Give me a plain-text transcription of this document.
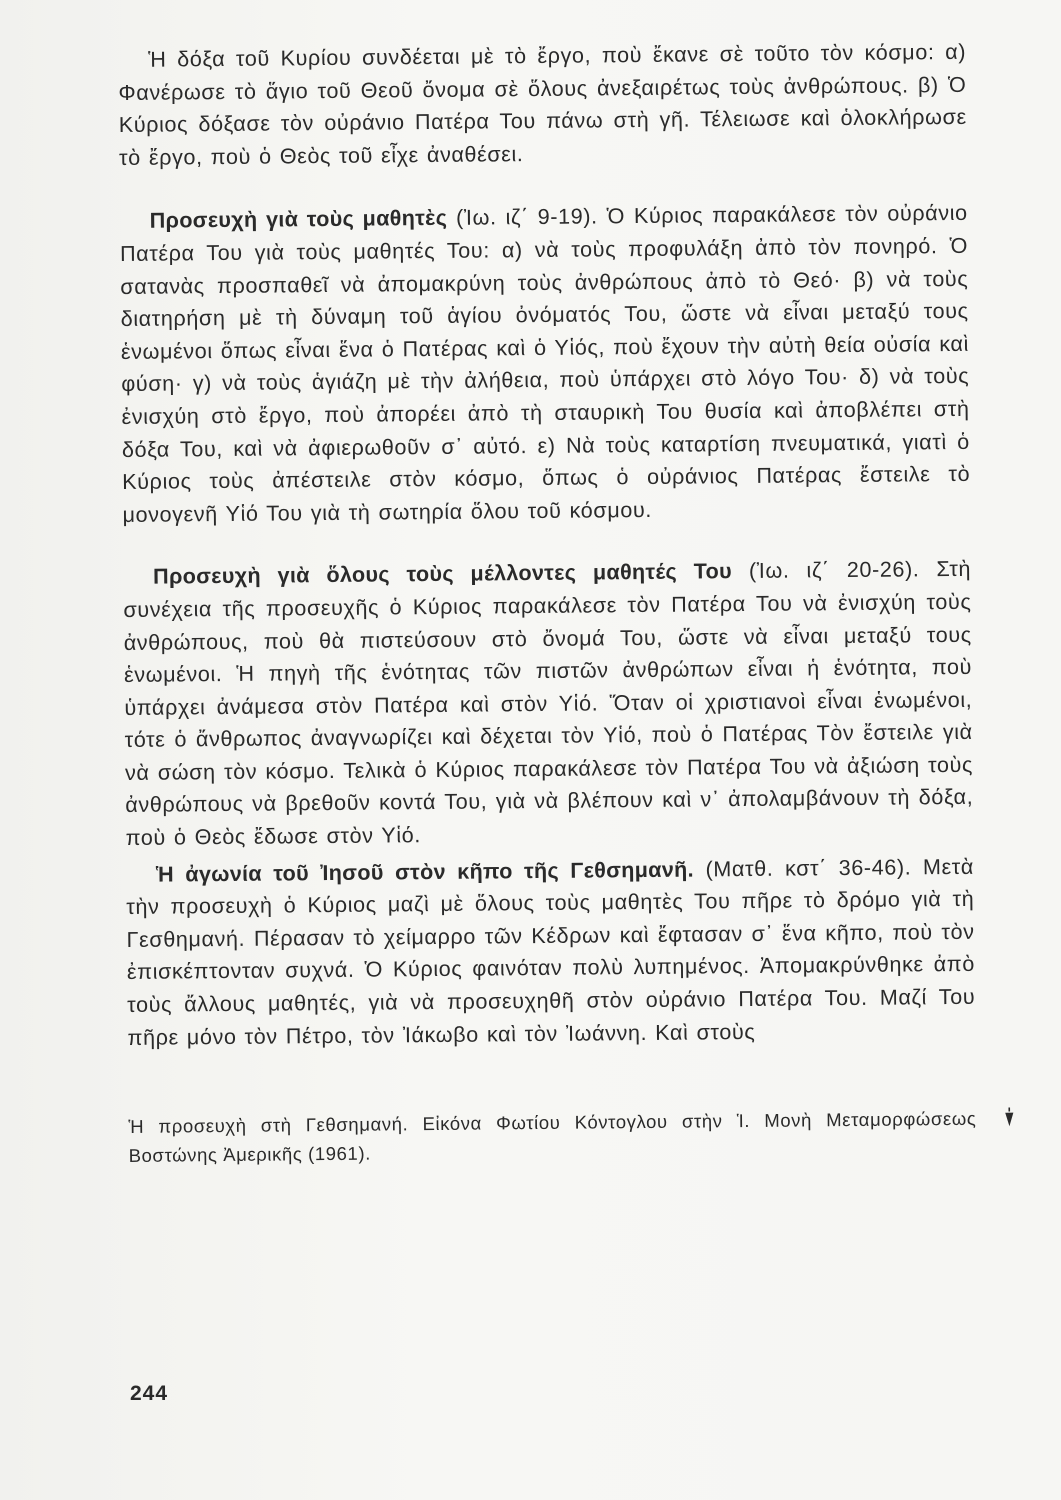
Ἡ δόξα τοῦ Κυρίου συνδέεται μὲ τὸ ἔργο, ποὺ ἔκανε σὲ τοῦτο τὸν κόσμο: α) Φανέρωσε τὸ ἅγιο τοῦ Θεοῦ ὄνομα σὲ ὅλους ἀνεξαιρέτως τοὺς ἀνθρώπους. β) Ὁ Κύριος δόξασε τὸν οὐράνιο Πατέρα Του πάνω στὴ γῆ. Τέλειωσε καὶ ὁλοκλήρωσε τὸ ἔργο, ποὺ ὁ Θεὸς τοῦ εἶχε ἀναθέσει.

Προσευχὴ γιὰ τοὺς μαθητὲς (Ἰω. ιζ΄ 9-19). Ὁ Κύριος παρακάλεσε τὸν οὐράνιο Πατέρα Του γιὰ τοὺς μαθητές Του: α) νὰ τοὺς προφυλάξη ἀπὸ τὸν πονηρό. Ὁ σατανὰς προσπαθεῖ νὰ ἀπομακρύνη τοὺς ἀνθρώπους ἀπὸ τὸ Θεό· β) νὰ τοὺς διατηρήση μὲ τὴ δύναμη τοῦ ἁγίου ὀνόματός Του, ὥστε νὰ εἶναι μεταξύ τους ἑνωμένοι ὅπως εἶναι ἕνα ὁ Πατέρας καὶ ὁ Υἱός, ποὺ ἔχουν τὴν αὐτὴ θεία οὐσία καὶ φύση· γ) νὰ τοὺς ἁγιάζη μὲ τὴν ἀλήθεια, ποὺ ὑπάρχει στὸ λόγο Του· δ) νὰ τοὺς ἐνισχύη στὸ ἔργο, ποὺ ἀπορέει ἀπὸ τὴ σταυρικὴ Του θυσία καὶ ἀποβλέπει στὴ δόξα Του, καὶ νὰ ἀφιερωθοῦν σ᾽ αὐτό. ε) Νὰ τοὺς καταρτίση πνευματικά, γιατὶ ὁ Κύριος τοὺς ἀπέστειλε στὸν κόσμο, ὅπως ὁ οὐράνιος Πατέρας ἔστειλε τὸ μονογενῆ Υἱό Του γιὰ τὴ σωτηρία ὅλου τοῦ κόσμου.

Προσευχὴ γιὰ ὅλους τοὺς μέλλοντες μαθητές Του (Ἰω. ιζ΄ 20-26). Στὴ συνέχεια τῆς προσευχῆς ὁ Κύριος παρακάλεσε τὸν Πατέρα Του νὰ ἐνισχύη τοὺς ἀνθρώπους, ποὺ θὰ πιστεύσουν στὸ ὄνομά Του, ὥστε νὰ εἶναι μεταξύ τους ἑνωμένοι. Ἡ πηγὴ τῆς ἑνότητας τῶν πιστῶν ἀνθρώπων εἶναι ἡ ἑνότητα, ποὺ ὑπάρχει ἀνάμεσα στὸν Πατέρα καὶ στὸν Υἱό. Ὅταν οἱ χριστιανοὶ εἶναι ἑνωμένοι, τότε ὁ ἄνθρωπος ἀναγνωρίζει καὶ δέχεται τὸν Υἱό, ποὺ ὁ Πατέρας Τὸν ἔστειλε γιὰ νὰ σώση τὸν κόσμο. Τελικὰ ὁ Κύριος παρακάλεσε τὸν Πατέρα Του νὰ ἀξιώση τοὺς ἀνθρώπους νὰ βρεθοῦν κοντά Του, γιὰ νὰ βλέπουν καὶ ν᾽ ἀπολαμβάνουν τὴ δόξα, ποὺ ὁ Θεὸς ἔδωσε στὸν Υἱό.

Ἡ ἀγωνία τοῦ Ἰησοῦ στὸν κῆπο τῆς Γεθσημανῆ. (Ματθ. κστ΄ 36-46). Μετὰ τὴν προσευχὴ ὁ Κύριος μαζὶ μὲ ὅλους τοὺς μαθητὲς Του πῆρε τὸ δρόμο γιὰ τὴ Γεσθημανή. Πέρασαν τὸ χείμαρρο τῶν Κέδρων καὶ ἔφτασαν σ᾽ ἕνα κῆπο, ποὺ τὸν ἐπισκέπτονταν συχνά. Ὁ Κύριος φαινόταν πολὺ λυπημένος. Ἀπομακρύνθηκε ἀπὸ τοὺς ἄλλους μαθητές, γιὰ νὰ προσευχηθῆ στὸν οὐράνιο Πατέρα Του. Μαζί Του πῆρε μόνο τὸν Πέτρο, τὸν Ἰάκωβο καὶ τὸν Ἰωάννη. Καὶ στοὺς

Ἡ προσευχὴ στὴ Γεθσημανή. Εἰκόνα Φωτίου Κόντογλου στὴν Ἱ. Μονὴ Μεταμορφώσεως Βοστώνης Ἀμερικῆς (1961).

244
